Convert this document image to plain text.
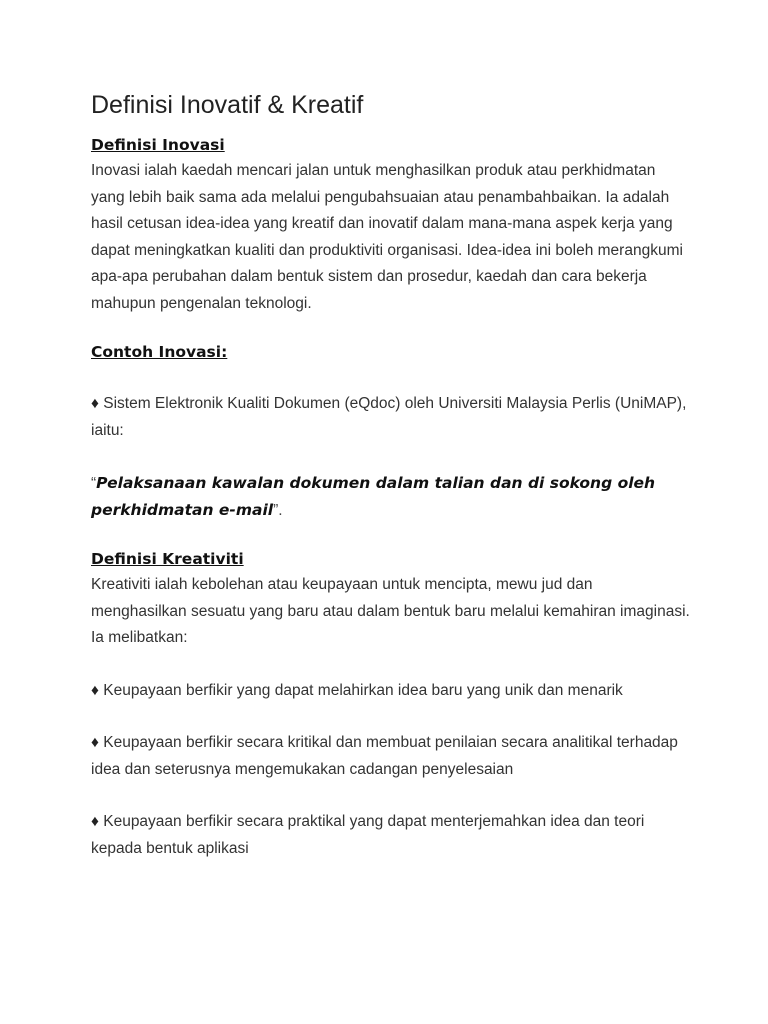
Definisi Inovatif & Kreatif
Definisi Inovasi

Inovasi ialah kaedah mencari jalan untuk menghasilkan produk atau perkhidmatan yang lebih baik sama ada melalui pengubahsuaian atau penambahbaikan. Ia adalah hasil cetusan idea-idea yang kreatif dan inovatif dalam mana-mana aspek kerja yang dapat meningkatkan kualiti dan produktiviti organisasi. Idea-idea ini boleh merangkumi apa-apa perubahan dalam bentuk sistem dan prosedur, kaedah dan cara bekerja mahupun pengenalan teknologi.

Contoh Inovasi:

♦ Sistem Elektronik Kualiti Dokumen (eQdoc) oleh Universiti Malaysia Perlis (UniMAP), iaitu:

“Pelaksanaan kawalan dokumen dalam talian dan di sokong oleh perkhidmatan e-mail”.

Definisi Kreativiti

Kreativiti ialah kebolehan atau keupayaan untuk mencipta, mewu jud dan menghasilkan sesuatu yang baru atau dalam bentuk baru melalui kemahiran imaginasi. Ia melibatkan:

♦ Keupayaan berfikir yang dapat melahirkan idea baru yang unik dan menarik

♦ Keupayaan berfikir secara kritikal dan membuat penilaian secara analitikal terhadap idea dan seterusnya mengemukakan cadangan penyelesaian

♦ Keupayaan berfikir secara praktikal yang dapat menterjemahkan idea dan teori kepada bentuk aplikasi
